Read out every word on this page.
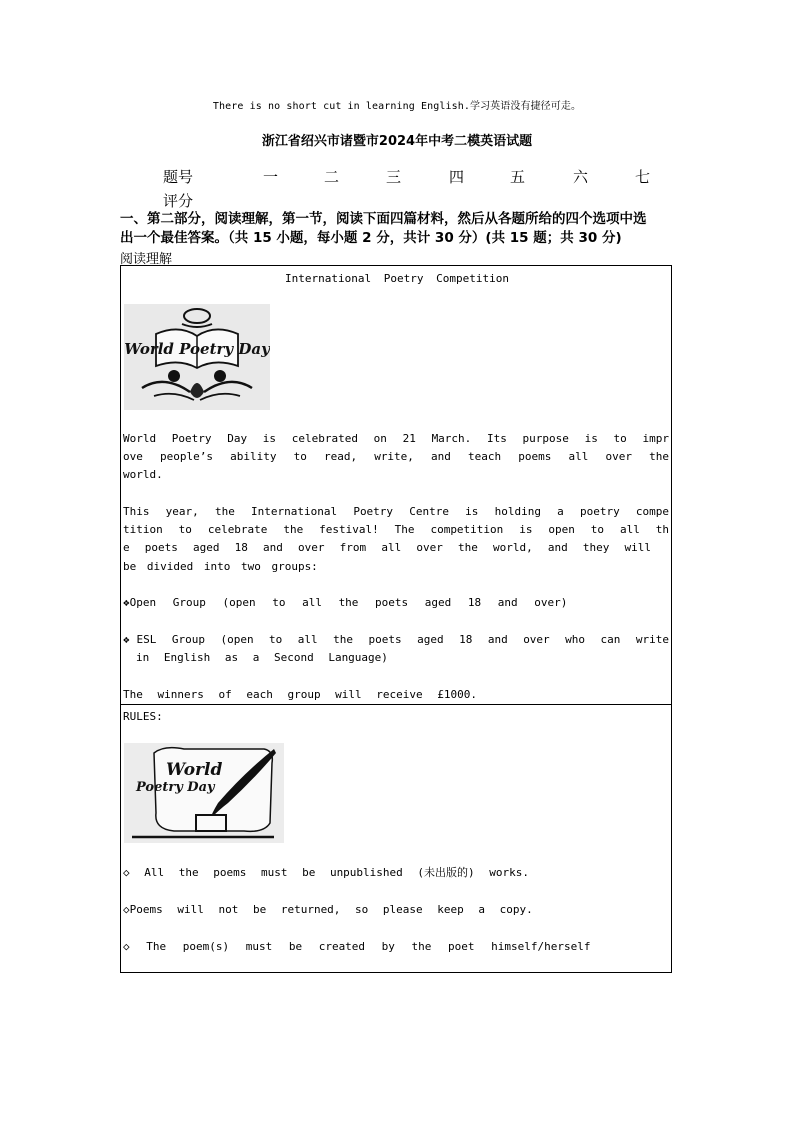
There is no short cut in learning English.学习英语没有捷径可走。
浙江省绍兴市诸暨市2024年中考二模英语试题
题号	一	二	三	四	五	六	七
评分
一、第二部分，阅读理解，第一节，阅读下面四篇材料，然后从各题所给的四个选项中选
出一个最佳答案。（共 15 小题，每小题 2 分，共计 30 分）(共 15 题；共 30 分)
阅读理解
International Poetry Competition
World Poetry Day
World Poetry Day is celebrated on 21 March. Its purpose is to impr
ove people’s ability to read, write, and teach poems all over the
world.
This year, the International Poetry Centre is holding a poetry compe
tition to celebrate the festival! The competition is open to all th
e poets aged 18 and over from all over the world, and they will
be divided into two groups:
❖Open Group (open to all the poets aged 18 and over)
❖ESL Group (open to all the poets aged 18 and over who can write
in English as a Second Language)
The winners of each group will receive £1000.
RULES:
World
Poetry Day
◇ All the poems must be unpublished (未出版的) works.
◇Poems will not be returned, so please keep a copy.
◇ The poem(s) must be created by the poet himself/herself
